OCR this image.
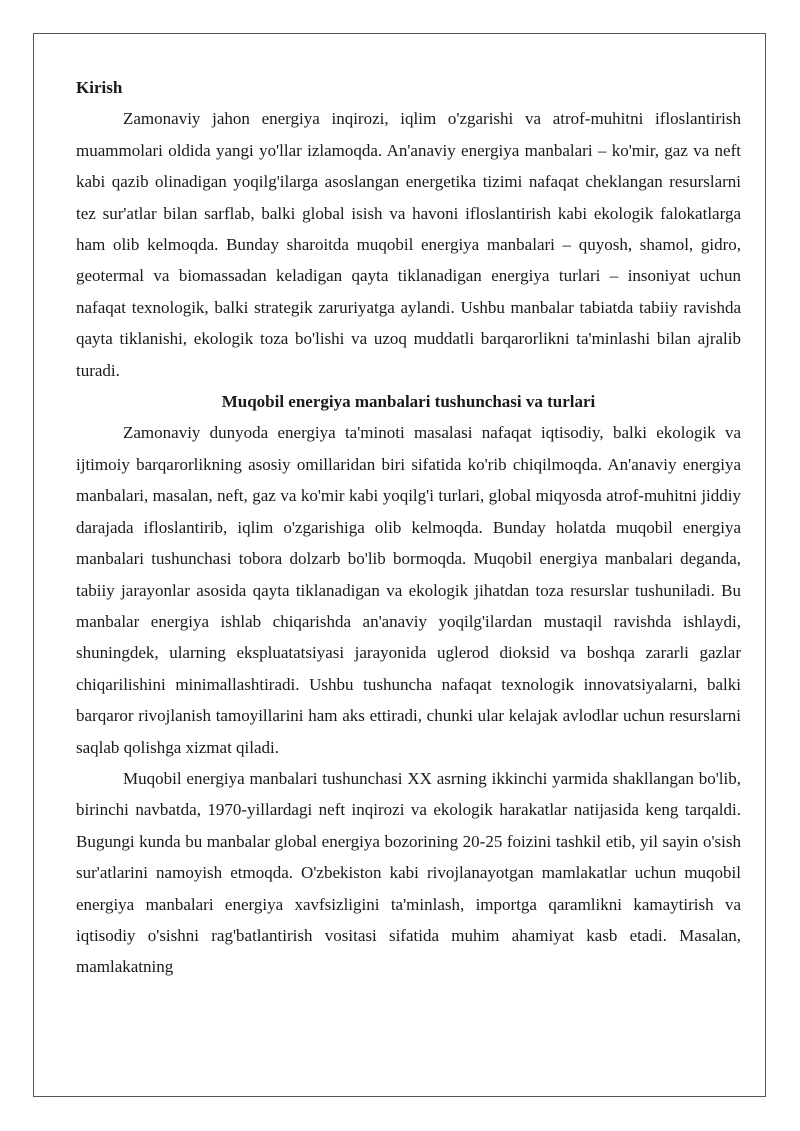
Kirish

Zamonaviy jahon energiya inqirozi, iqlim o'zgarishi va atrof-muhitni ifloslantirish muammolari oldida yangi yo'llar izlamoqda. An'anaviy energiya manbalari – ko'mir, gaz va neft kabi qazib olinadigan yoqilg'ilarga asoslangan energetika tizimi nafaqat cheklangan resurslarni tez sur'atlar bilan sarflab, balki global isish va havoni ifloslantirish kabi ekologik falokatlarga ham olib kelmoqda. Bunday sharoitda muqobil energiya manbalari – quyosh, shamol, gidro, geotermal va biomassadan keladigan qayta tiklanadigan energiya turlari – insoniyat uchun nafaqat texnologik, balki strategik zaruriyatga aylandi. Ushbu manbalar tabiatda tabiiy ravishda qayta tiklanishi, ekologik toza bo'lishi va uzoq muddatli barqarorlikni ta'minlashi bilan ajralib turadi.

Muqobil energiya manbalari tushunchasi va turlari

Zamonaviy dunyoda energiya ta'minoti masalasi nafaqat iqtisodiy, balki ekologik va ijtimoiy barqarorlikning asosiy omillaridan biri sifatida ko'rib chiqilmoqda. An'anaviy energiya manbalari, masalan, neft, gaz va ko'mir kabi yoqilg'i turlari, global miqyosda atrof-muhitni jiddiy darajada ifloslantirib, iqlim o'zgarishiga olib kelmoqda. Bunday holatda muqobil energiya manbalari tushunchasi tobora dolzarb bo'lib bormoqda. Muqobil energiya manbalari deganda, tabiiy jarayonlar asosida qayta tiklanadigan va ekologik jihatdan toza resurslar tushuniladi. Bu manbalar energiya ishlab chiqarishda an'anaviy yoqilg'ilardan mustaqil ravishda ishlaydi, shuningdek, ularning ekspluatatsiyasi jarayonida uglerod dioksid va boshqa zararli gazlar chiqarilishini minimallashtiradi. Ushbu tushuncha nafaqat texnologik innovatsiyalarni, balki barqaror rivojlanish tamoyillarini ham aks ettiradi, chunki ular kelajak avlodlar uchun resurslarni saqlab qolishga xizmat qiladi.

Muqobil energiya manbalari tushunchasi XX asrning ikkinchi yarmida shakllangan bo'lib, birinchi navbatda, 1970-yillardagi neft inqirozi va ekologik harakatlar natijasida keng tarqaldi. Bugungi kunda bu manbalar global energiya bozorining 20-25 foizini tashkil etib, yil sayin o'sish sur'atlarini namoyish etmoqda. O'zbekiston kabi rivojlanayotgan mamlakatlar uchun muqobil energiya manbalari energiya xavfsizligini ta'minlash, importga qaramlikni kamaytirish va iqtisodiy o'sishni rag'batlantirish vositasi sifatida muhim ahamiyat kasb etadi. Masalan, mamlakatning
